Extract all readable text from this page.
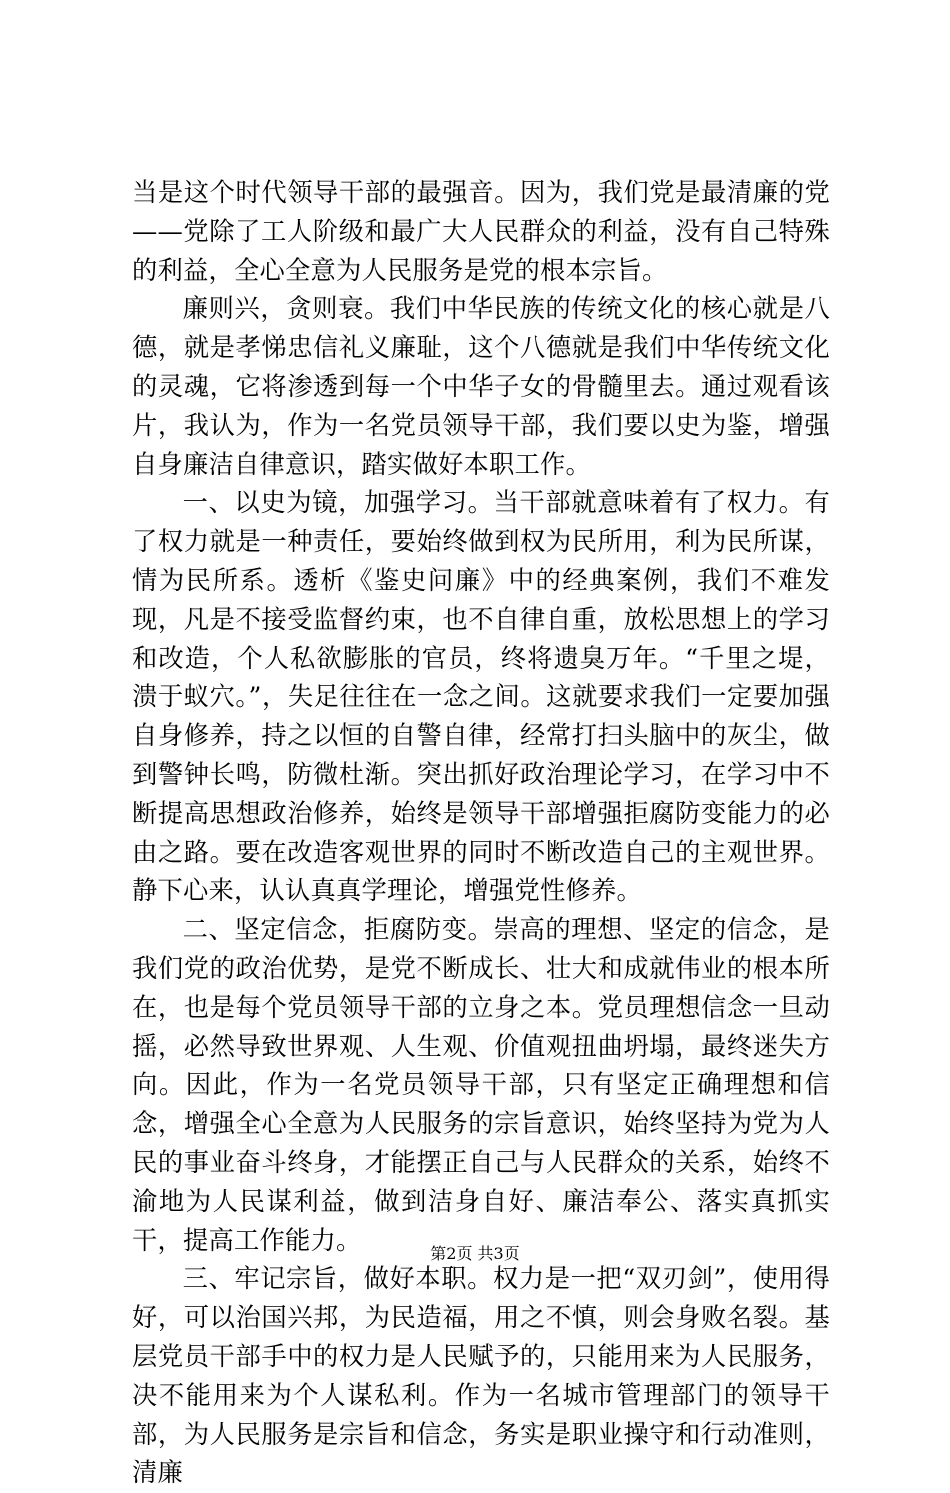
当是这个时代领导干部的最强音。因为，我们党是最清廉的党——党除了工人阶级和最广大人民群众的利益，没有自己特殊的利益，全心全意为人民服务是党的根本宗旨。

廉则兴，贪则衰。我们中华民族的传统文化的核心就是八德，就是孝悌忠信礼义廉耻，这个八德就是我们中华传统文化的灵魂，它将渗透到每一个中华子女的骨髓里去。通过观看该片，我认为，作为一名党员领导干部，我们要以史为鉴，增强自身廉洁自律意识，踏实做好本职工作。

一、以史为镜，加强学习。当干部就意味着有了权力。有了权力就是一种责任，要始终做到权为民所用，利为民所谋，情为民所系。透析《鉴史问廉》中的经典案例，我们不难发现，凡是不接受监督约束，也不自律自重，放松思想上的学习和改造，个人私欲膨胀的官员，终将遗臭万年。“千里之堤，溃于蚁穴。”，失足往往在一念之间。这就要求我们一定要加强自身修养，持之以恒的自警自律，经常打扫头脑中的灰尘，做到警钟长鸣，防微杜渐。突出抓好政治理论学习，在学习中不断提高思想政治修养，始终是领导干部增强拒腐防变能力的必由之路。要在改造客观世界的同时不断改造自己的主观世界。静下心来，认认真真学理论，增强党性修养。

二、坚定信念，拒腐防变。崇高的理想、坚定的信念，是我们党的政治优势，是党不断成长、壮大和成就伟业的根本所在，也是每个党员领导干部的立身之本。党员理想信念一旦动摇，必然导致世界观、人生观、价值观扭曲坍塌，最终迷失方向。因此，作为一名党员领导干部，只有坚定正确理想和信念，增强全心全意为人民服务的宗旨意识，始终坚持为党为人民的事业奋斗终身，才能摆正自己与人民群众的关系，始终不渝地为人民谋利益，做到洁身自好、廉洁奉公、落实真抓实干，提高工作能力。

三、牢记宗旨，做好本职。权力是一把“双刃剑”，使用得好，可以治国兴邦，为民造福，用之不慎，则会身败名裂。基层党员干部手中的权力是人民赋予的，只能用来为人民服务，决不能用来为个人谋私利。作为一名城市管理部门的领导干部，为人民服务是宗旨和信念，务实是职业操守和行动准则，清廉

第2页 共3页
